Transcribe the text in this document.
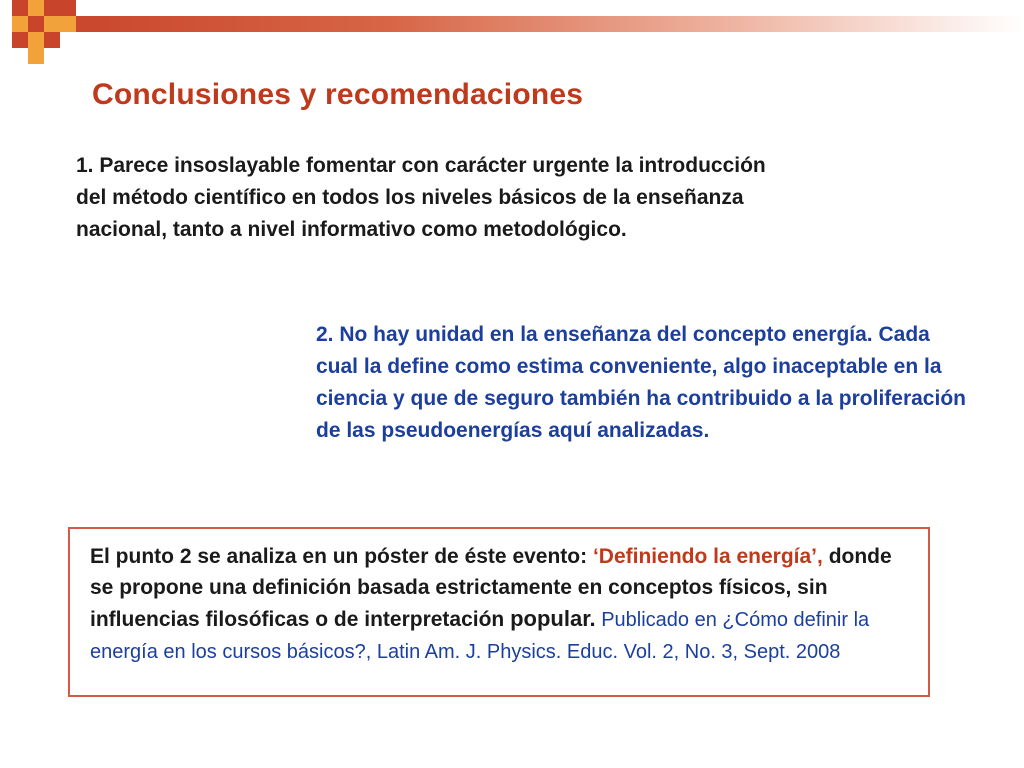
Conclusiones y recomendaciones

1. Parece insoslayable fomentar con carácter urgente la introducción del método científico en todos los niveles básicos de la enseñanza nacional, tanto a nivel informativo como metodológico.

2. No hay unidad en la enseñanza del concepto energía. Cada cual la define como estima conveniente, algo inaceptable en la ciencia y que de seguro también ha contribuido a la proliferación de las pseudoenergías aquí analizadas.

El punto 2 se analiza en un póster de éste evento: ‘Definiendo la energía’, donde se propone una definición basada estrictamente en conceptos físicos, sin influencias filosóficas o de interpretación popular. Publicado en ¿Cómo definir la energía en los cursos básicos?, Latin Am. J. Physics. Educ. Vol. 2, No. 3, Sept. 2008
